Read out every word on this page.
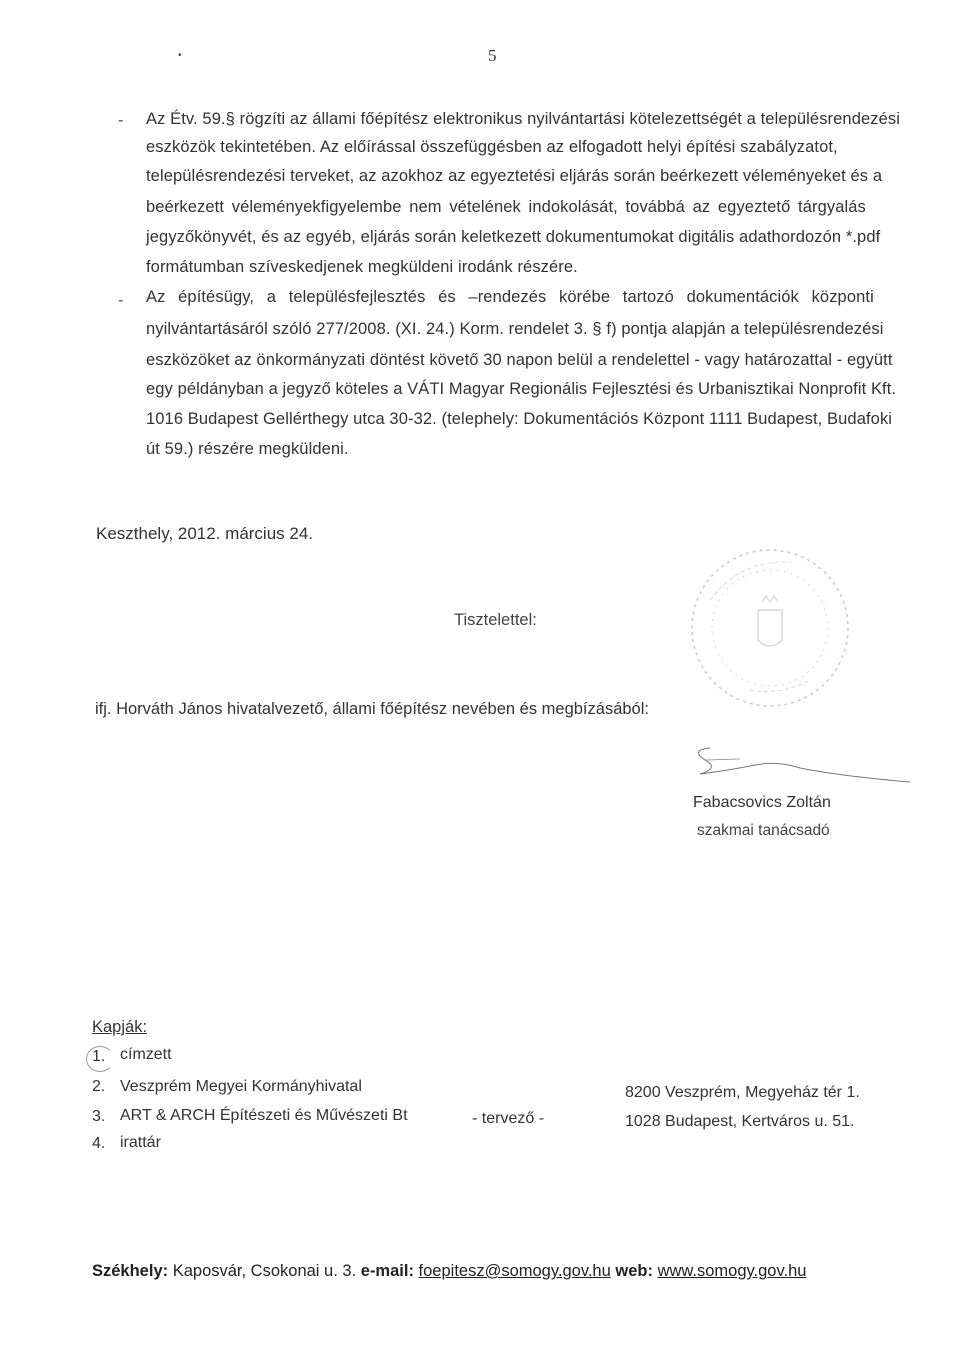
•	5
- Az Étv. 59.§ rögzíti az állami főépítész elektronikus nyilvántartási kötelezettségét a településrendezési
eszközök tekintetében. Az előírással összefüggésben az elfogadott helyi építési szabályzatot,
településrendezési terveket, az azokhoz az egyeztetési eljárás során beérkezett véleményeket és a
beérkezett véleményekfigyelembe nem vételének indokolását, továbbá az egyeztető tárgyalás
jegyzőkönyvét, és az egyéb, eljárás során keletkezett dokumentumokat digitális adathordozón *.pdf
formátumban szíveskedjenek megküldeni irodánk részére.
- Az építésügy, a településfejlesztés és –rendezés körébe tartozó dokumentációk központi
nyilvántartásáról szóló 277/2008. (XI. 24.) Korm. rendelet 3. § f) pontja alapján a településrendezési
eszközöket az önkormányzati döntést követő 30 napon belül a rendelettel - vagy határozattal - együtt
egy példányban a jegyző köteles a VÁTI Magyar Regionális Fejlesztési és Urbanisztikai Nonprofit Kft.
1016 Budapest Gellérthegy utca 30-32. (telephely: Dokumentációs Központ 1111 Budapest, Budafoki
út 59.) részére megküldeni.
Keszthely, 2012. március 24.
Tisztelettel:
ifj. Horváth János hivatalvezető, állami főépítész nevében és megbízásából:
Fabacsovics Zoltán
szakmai tanácsadó
Kapják:
1. címzett
2. Veszprém Megyei Kormányhivatal	8200 Veszprém, Megyeház tér 1.
3. ART & ARCH Építészeti és Művészeti Bt	- tervező -	1028 Budapest, Kertváros u. 51.
4. irattár
Székhely: Kaposvár, Csokonai u. 3. e-mail: foepitesz@somogy.gov.hu web: www.somogy.gov.hu
